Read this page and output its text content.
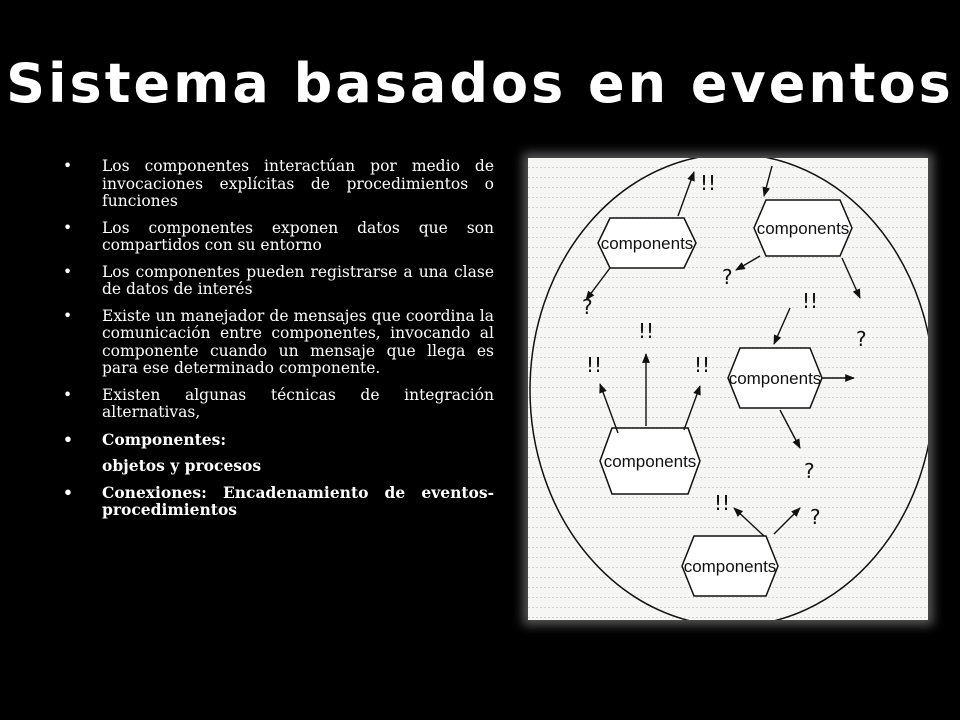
Sistema basados en eventos
• Los componentes interactúan por medio de invocaciones explícitas de procedimientos o funciones
• Los componentes exponen datos que son compartidos con su entorno
• Los componentes pueden registrarse a una clase de datos de interés
• Existe un manejador de mensajes que coordina la comunicación entre componentes, invocando al componente cuando un mensaje que llega es para ese determinado componente.
• Existen algunas técnicas de integración alternativas,
• Componentes:
objetos y procesos
• Conexiones: Encadenamiento de eventos-procedimientos
components
components
components
components
components
!!
?
?
!!
?
!!
!!	!!
?
!!
?
